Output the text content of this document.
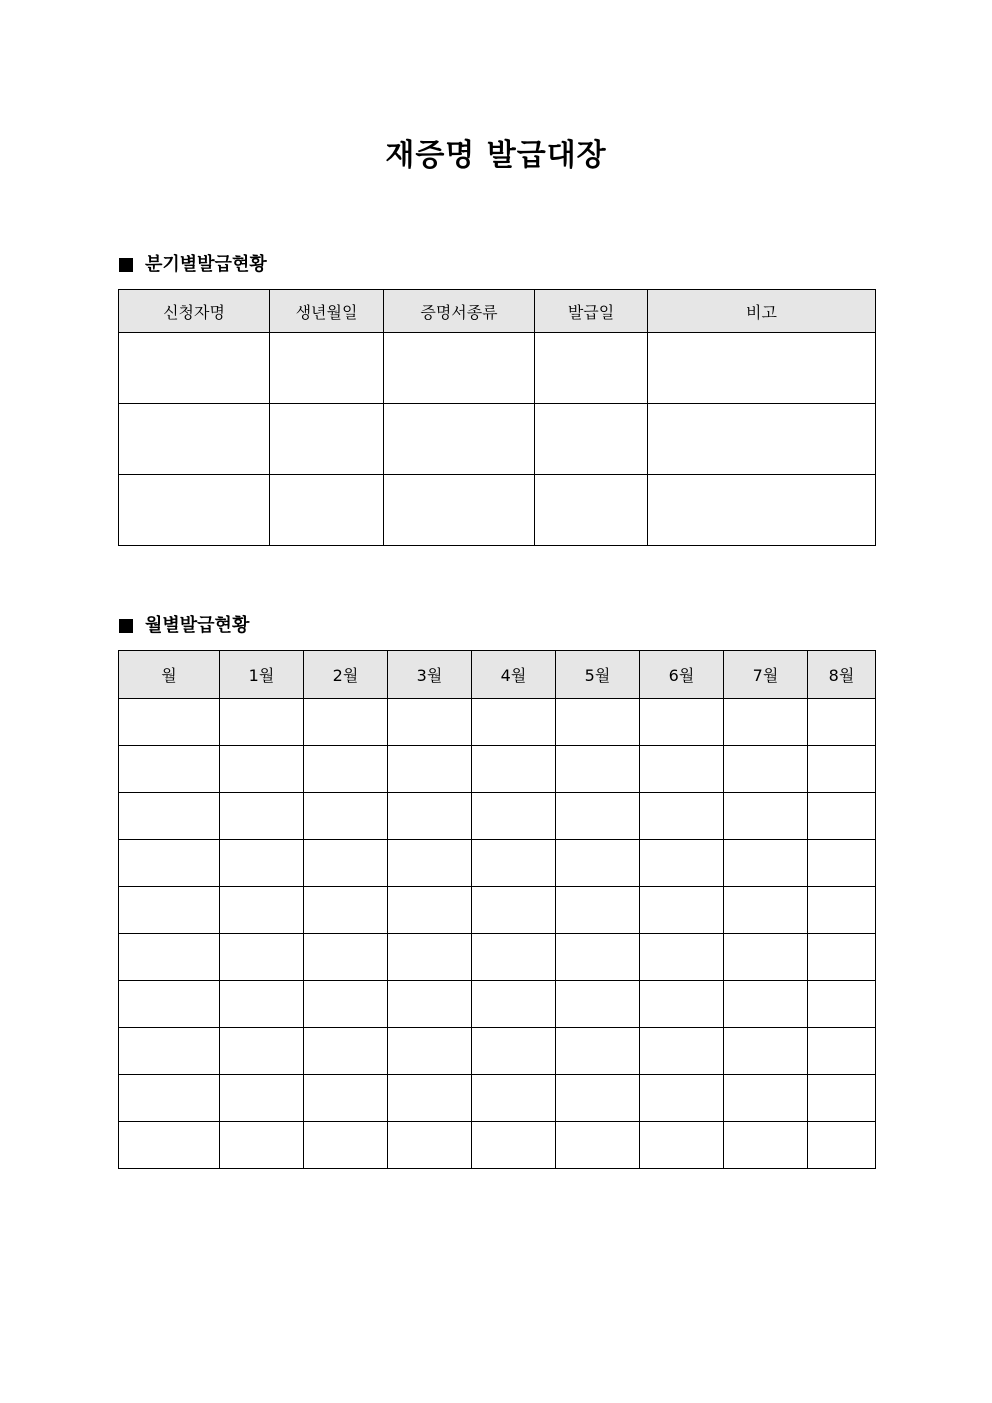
재증명 발급대장
분기별발급현황
신청자명	생년월일	증명서종류	발급일	비고

월별발급현황
월	1월	2월	3월	4월	5월	6월	7월	8월
